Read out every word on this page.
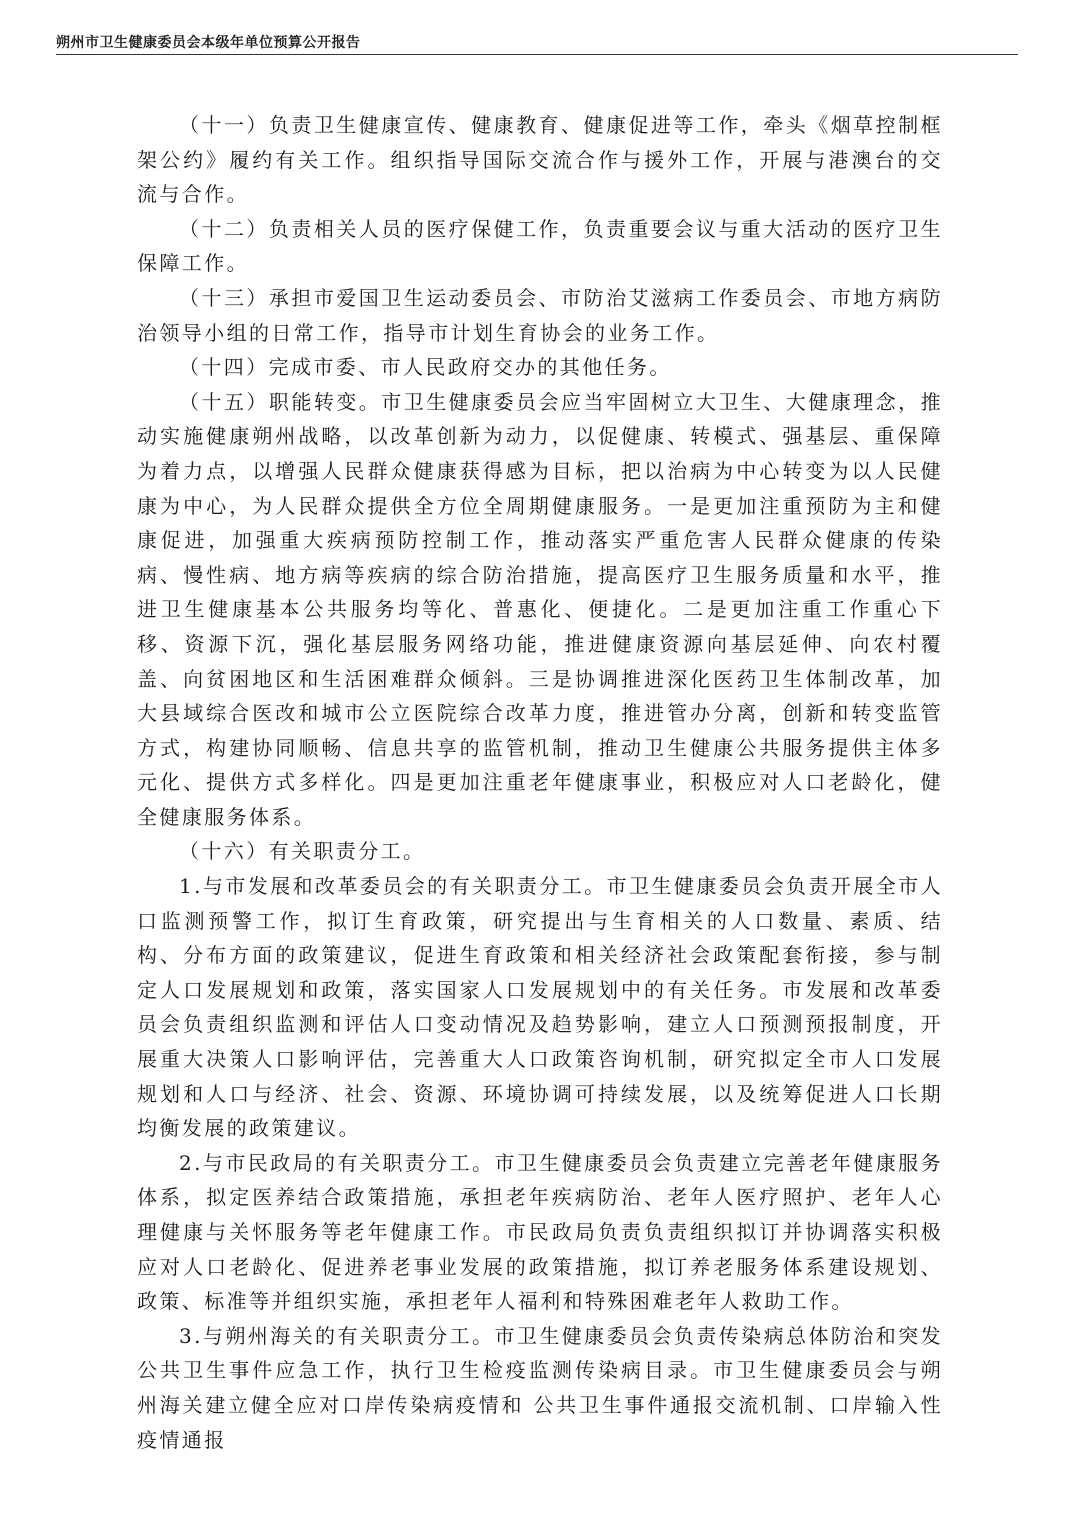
朔州市卫生健康委员会本级年单位预算公开报告

（十一）负责卫生健康宣传、健康教育、健康促进等工作，牵头《烟草控制框架公约》履约有关工作。组织指导国际交流合作与援外工作，开展与港澳台的交流与合作。

（十二）负责相关人员的医疗保健工作，负责重要会议与重大活动的医疗卫生保障工作。

（十三）承担市爱国卫生运动委员会、市防治艾滋病工作委员会、市地方病防治领导小组的日常工作，指导市计划生育协会的业务工作。

（十四）完成市委、市人民政府交办的其他任务。

（十五）职能转变。市卫生健康委员会应当牢固树立大卫生、大健康理念，推动实施健康朔州战略，以改革创新为动力，以促健康、转模式、强基层、重保障为着力点，以增强人民群众健康获得感为目标，把以治病为中心转变为以人民健康为中心，为人民群众提供全方位全周期健康服务。一是更加注重预防为主和健康促进，加强重大疾病预防控制工作，推动落实严重危害人民群众健康的传染病、慢性病、地方病等疾病的综合防治措施，提高医疗卫生服务质量和水平，推进卫生健康基本公共服务均等化、普惠化、便捷化。二是更加注重工作重心下移、资源下沉，强化基层服务网络功能，推进健康资源向基层延伸、向农村覆盖、向贫困地区和生活困难群众倾斜。三是协调推进深化医药卫生体制改革，加大县域综合医改和城市公立医院综合改革力度，推进管办分离，创新和转变监管方式，构建协同顺畅、信息共享的监管机制，推动卫生健康公共服务提供主体多元化、提供方式多样化。四是更加注重老年健康事业，积极应对人口老龄化，健全健康服务体系。

（十六）有关职责分工。

1.与市发展和改革委员会的有关职责分工。市卫生健康委员会负责开展全市人口监测预警工作，拟订生育政策，研究提出与生育相关的人口数量、素质、结构、分布方面的政策建议，促进生育政策和相关经济社会政策配套衔接，参与制定人口发展规划和政策，落实国家人口发展规划中的有关任务。市发展和改革委员会负责组织监测和评估人口变动情况及趋势影响，建立人口预测预报制度，开展重大决策人口影响评估，完善重大人口政策咨询机制，研究拟定全市人口发展规划和人口与经济、社会、资源、环境协调可持续发展，以及统筹促进人口长期均衡发展的政策建议。

2.与市民政局的有关职责分工。市卫生健康委员会负责建立完善老年健康服务体系，拟定医养结合政策措施，承担老年疾病防治、老年人医疗照护、老年人心理健康与关怀服务等老年健康工作。市民政局负责负责组织拟订并协调落实积极应对人口老龄化、促进养老事业发展的政策措施，拟订养老服务体系建设规划、政策、标准等并组织实施，承担老年人福利和特殊困难老年人救助工作。

3.与朔州海关的有关职责分工。市卫生健康委员会负责传染病总体防治和突发公共卫生事件应急工作，执行卫生检疫监测传染病目录。市卫生健康委员会与朔州海关建立健全应对口岸传染病疫情和 公共卫生事件通报交流机制、口岸输入性疫情通报
